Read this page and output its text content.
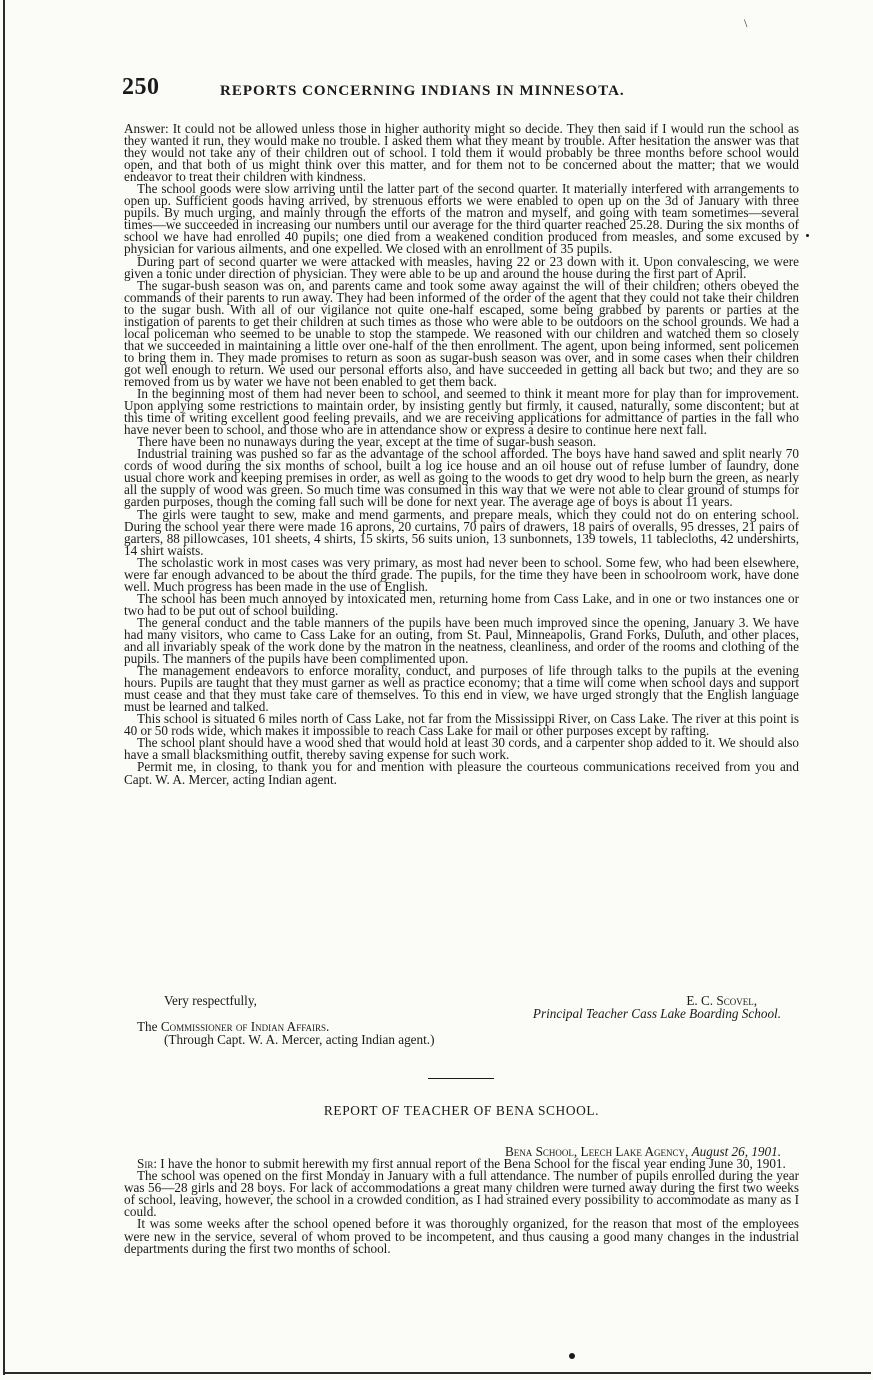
\
250	REPORTS CONCERNING INDIANS IN MINNESOTA.

Answer: It could not be allowed unless those in higher authority might so decide. They then said if I would run the school as they wanted it run, they would make no trouble. I asked them what they meant by trouble. After hesitation the answer was that they would not take any of their children out of school. I told them it would probably be three months before school would open, and that both of us might think over this matter, and for them not to be concerned about the matter; that we would endeavor to treat their children with kindness.

The school goods were slow arriving until the latter part of the second quarter. It materially interfered with arrangements to open up. Sufficient goods having arrived, by strenuous efforts we were enabled to open up on the 3d of January with three pupils. By much urging, and mainly through the efforts of the matron and myself, and going with team sometimes—several times—we succeeded in increasing our numbers until our average for the third quarter reached 25.28. During the six months of school we have had enrolled 40 pupils; one died from a weakened condition produced from measles, and some excused by physician for various ailments, and one expelled. We closed with an enrollment of 35 pupils.

During part of second quarter we were attacked with measles, having 22 or 23 down with it. Upon convalescing, we were given a tonic under direction of physician. They were able to be up and around the house during the first part of April.

The sugar-bush season was on, and parents came and took some away against the will of their children; others obeyed the commands of their parents to run away. They had been informed of the order of the agent that they could not take their children to the sugar bush. With all of our vigilance not quite one-half escaped, some being grabbed by parents or parties at the instigation of parents to get their children at such times as those who were able to be outdoors on the school grounds. We had a local policeman who seemed to be unable to stop the stampede. We reasoned with our children and watched them so closely that we succeeded in maintaining a little over one-half of the then enrollment. The agent, upon being informed, sent policemen to bring them in. They made promises to return as soon as sugar-bush season was over, and in some cases when their children got well enough to return. We used our personal efforts also, and have succeeded in getting all back but two; and they are so removed from us by water we have not been enabled to get them back.

In the beginning most of them had never been to school, and seemed to think it meant more for play than for improvement. Upon applying some restrictions to maintain order, by insisting gently but firmly, it caused, naturally, some discontent; but at this time of writing excellent good feeling prevails, and we are receiving applications for admittance of parties in the fall who have never been to school, and those who are in attendance show or express a desire to continue here next fall.

There have been no nunaways during the year, except at the time of sugar-bush season.

Industrial training was pushed so far as the advantage of the school afforded. The boys have hand sawed and split nearly 70 cords of wood during the six months of school, built a log ice house and an oil house out of refuse lumber of laundry, done usual chore work and keeping premises in order, as well as going to the woods to get dry wood to help burn the green, as nearly all the supply of wood was green. So much time was consumed in this way that we were not able to clear ground of stumps for garden purposes, though the coming fall such will be done for next year. The average age of boys is about 11 years.

The girls were taught to sew, make and mend garments, and prepare meals, which they could not do on entering school. During the school year there were made 16 aprons, 20 curtains, 70 pairs of drawers, 18 pairs of overalls, 95 dresses, 21 pairs of garters, 88 pillowcases, 101 sheets, 4 shirts, 15 skirts, 56 suits union, 13 sunbonnets, 139 towels, 11 tablecloths, 42 undershirts, 14 shirt waists.

The scholastic work in most cases was very primary, as most had never been to school. Some few, who had been elsewhere, were far enough advanced to be about the third grade. The pupils, for the time they have been in schoolroom work, have done well. Much progress has been made in the use of English.

The school has been much annoyed by intoxicated men, returning home from Cass Lake, and in one or two instances one or two had to be put out of school building.

The general conduct and the table manners of the pupils have been much improved since the opening, January 3. We have had many visitors, who came to Cass Lake for an outing, from St. Paul, Minneapolis, Grand Forks, Duluth, and other places, and all invariably speak of the work done by the matron in the neatness, cleanliness, and order of the rooms and clothing of the pupils. The manners of the pupils have been complimented upon.

The management endeavors to enforce morality, conduct, and purposes of life through talks to the pupils at the evening hours. Pupils are taught that they must garner as well as practice economy; that a time will come when school days and support must cease and that they must take care of themselves. To this end in view, we have urged strongly that the English language must be learned and talked.

This school is situated 6 miles north of Cass Lake, not far from the Mississippi River, on Cass Lake. The river at this point is 40 or 50 rods wide, which makes it impossible to reach Cass Lake for mail or other purposes except by rafting.

The school plant should have a wood shed that would hold at least 30 cords, and a carpenter shop added to it. We should also have a small blacksmithing outfit, thereby saving expense for such work.

Permit me, in closing, to thank you for and mention with pleasure the courteous communications received from you and Capt. W. A. Mercer, acting Indian agent.

Very respectfully,	E. C. Scovel,
Principal Teacher Cass Lake Boarding School.
The Commissioner of Indian Affairs.
(Through Capt. W. A. Mercer, acting Indian agent.)
REPORT OF TEACHER OF BENA SCHOOL.
Bena School, Leech Lake Agency, August 26, 1901.

Sir: I have the honor to submit herewith my first annual report of the Bena School for the fiscal year ending June 30, 1901.

The school was opened on the first Monday in January with a full attendance. The number of pupils enrolled during the year was 56—28 girls and 28 boys. For lack of accommodations a great many children were turned away during the first two weeks of school, leaving, however, the school in a crowded condition, as I had strained every possibility to accommodate as many as I could.

It was some weeks after the school opened before it was thoroughly organized, for the reason that most of the employees were new in the service, several of whom proved to be incompetent, and thus causing a good many changes in the industrial departments during the first two months of school.
